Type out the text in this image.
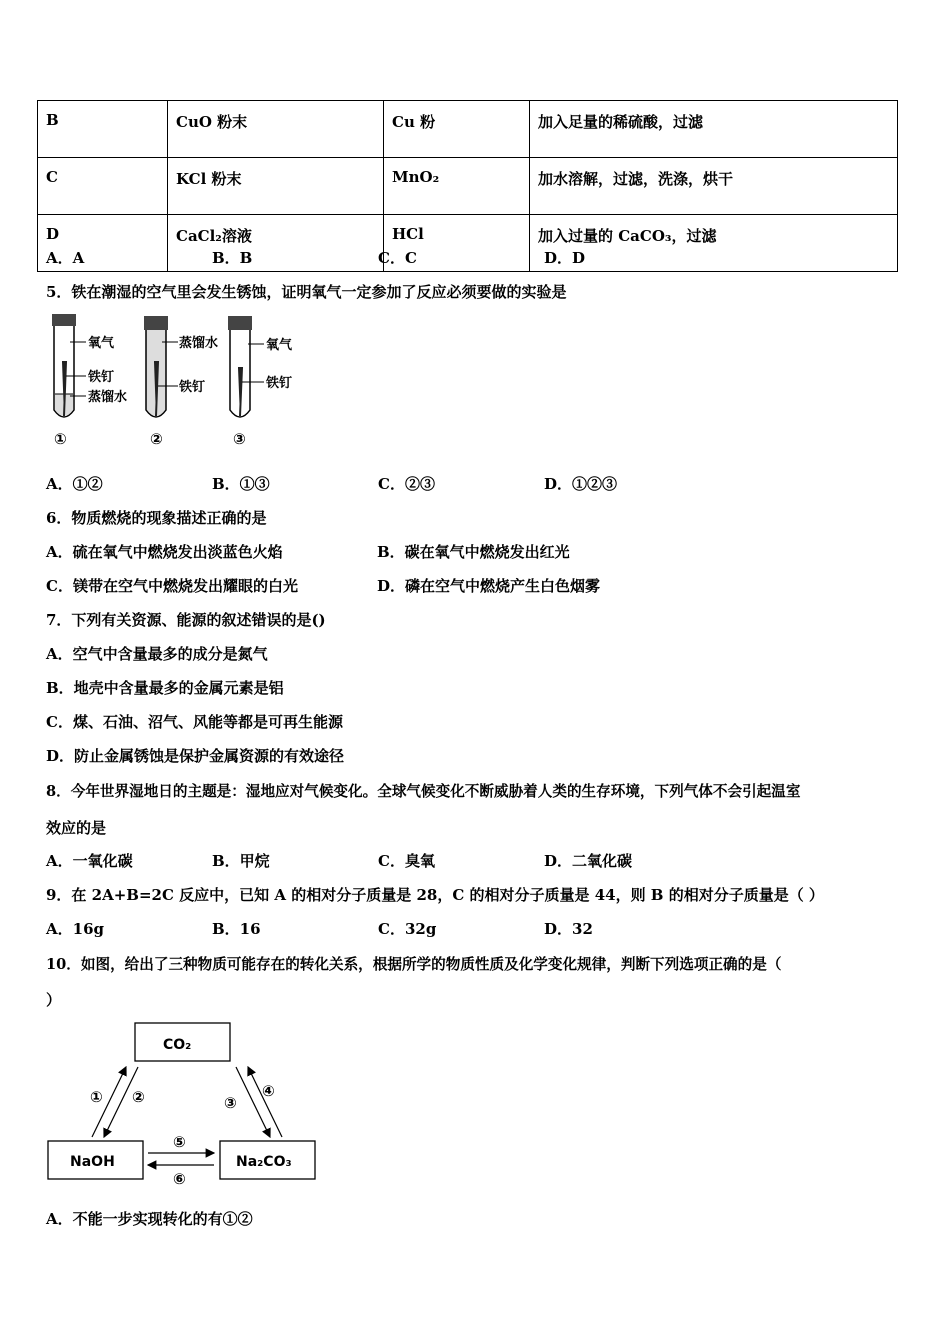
B	CuO 粉末	Cu 粉	加入足量的稀硫酸，过滤
C	KCl 粉末	MnO₂	加水溶解，过滤，洗涤，烘干
D	CaCl₂溶液	HCl	加入过量的 CaCO₃，过滤
A．A	B．B	C．C	D．D
5．铁在潮湿的空气里会发生锈蚀，证明氧气一定参加了反应必须要做的实验是
氧气
铁钉
蒸馏水
①
蒸馏水
铁钉
②
氧气
铁钉
③
A．①②	B．①③	C．②③	D．①②③
6．物质燃烧的现象描述正确的是
A．硫在氧气中燃烧发出淡蓝色火焰	B．碳在氧气中燃烧发出红光
C．镁带在空气中燃烧发出耀眼的白光	D．磷在空气中燃烧产生白色烟雾
7．下列有关资源、能源的叙述错误的是()
A．空气中含量最多的成分是氮气
B．地壳中含量最多的金属元素是铝
C．煤、石油、沼气、风能等都是可再生能源
D．防止金属锈蚀是保护金属资源的有效途径
8．今年世界湿地日的主题是：湿地应对气候变化。全球气候变化不断威胁着人类的生存环境，下列气体不会引起温室
效应的是
A．一氧化碳	B．甲烷	C．臭氧	D．二氧化碳
9．在 2A+B=2C 反应中，已知 A 的相对分子质量是 28，C 的相对分子质量是 44，则 B 的相对分子质量是（ ）
A．16g	B．16	C．32g	D．32
10．如图，给出了三种物质可能存在的转化关系，根据所学的物质性质及化学变化规律，判断下列选项正确的是（
）
CO₂
NaOH	Na₂CO₃
① ②	③
④
⑤
⑥
A．不能一步实现转化的有①②
